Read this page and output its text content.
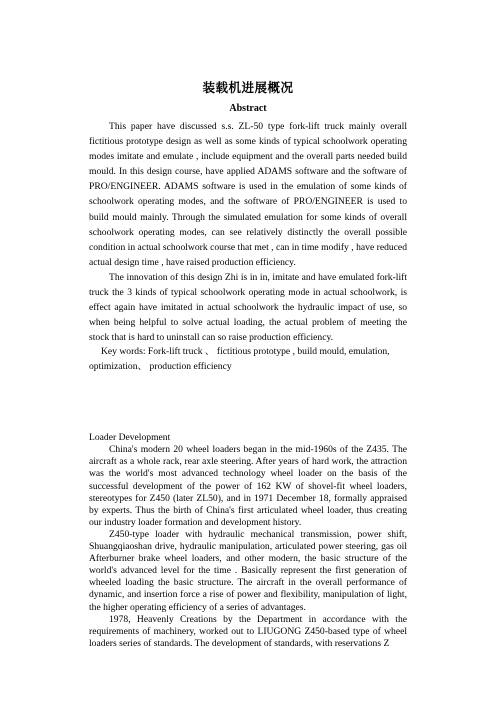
装载机进展概况
Abstract

This paper have discussed s.s. ZL-50 type fork-lift truck mainly overall fictitious prototype design as well as some kinds of typical schoolwork operating modes imitate and emulate , include equipment and the overall parts needed build mould. In this design course, have applied ADAMS software and the software of PRO/ENGINEER. ADAMS software is used in the emulation of some kinds of schoolwork operating modes, and the software of PRO/ENGINEER is used to build mould mainly. Through the simulated emulation for some kinds of overall schoolwork operating modes, can see relatively distinctly the overall possible condition in actual schoolwork course that met , can in time modify , have reduced actual design time , have raised production efficiency.

The innovation of this design Zhi is in in, imitate and have emulated fork-lift truck the 3 kinds of typical schoolwork operating mode in actual schoolwork, is effect again have imitated in actual schoolwork the hydraulic impact of use, so when being helpful to solve actual loading, the actual problem of meeting the stock that is hard to uninstall can so raise production efficiency.

Key words: Fork-lift truck 、 fictitious prototype , build mould, emulation,

optimization、 production efficiency

Loader Development

China's modern 20 wheel loaders began in the mid-1960s of the Z435. The aircraft as a whole rack, rear axle steering. After years of hard work, the attraction was the world's most advanced technology wheel loader on the basis of the successful development of the power of 162 KW of shovel-fit wheel loaders, stereotypes for Z450 (later ZL50), and in 1971 December 18, formally appraised by experts. Thus the birth of China's first articulated wheel loader, thus creating our industry loader formation and development history.

Z450-type loader with hydraulic mechanical transmission, power shift, Shuangqiaoshan drive, hydraulic manipulation, articulated power steering, gas oil Afterburner brake wheel loaders, and other modern, the basic structure of the world's advanced level for the time . Basically represent the first generation of wheeled loading the basic structure. The aircraft in the overall performance of dynamic, and insertion force a rise of power and flexibility, manipulation of light, the higher operating efficiency of a series of advantages.

1978, Heavenly Creations by the Department in accordance with the requirements of machinery, worked out to LIUGONG Z450-based type of wheel loaders series of standards. The development of standards, with reservations Z
